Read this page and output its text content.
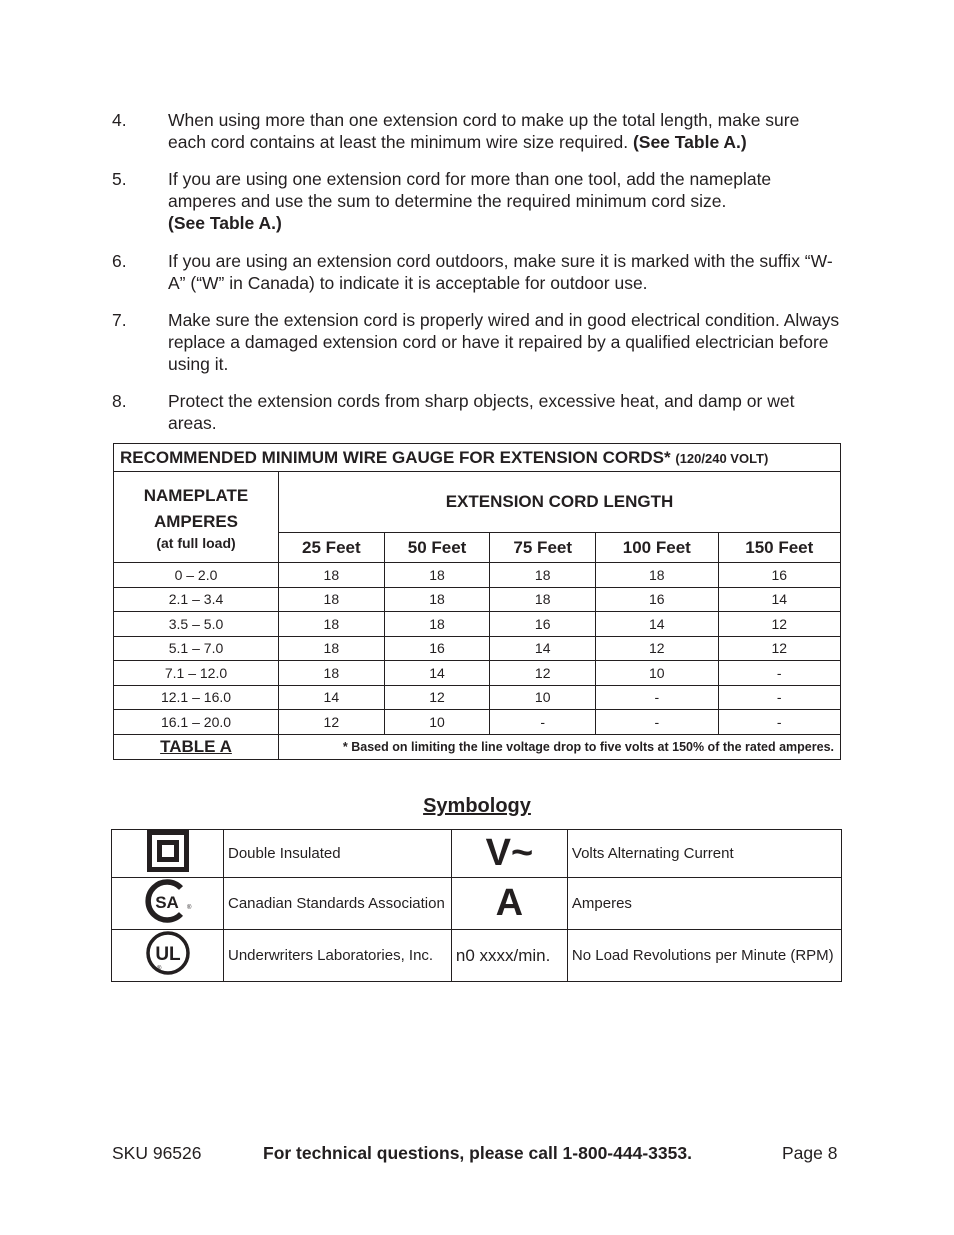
4. When using more than one extension cord to make up the total length, make sure each cord contains at least the minimum wire size required. (See Table A.)
5. If you are using one extension cord for more than one tool, add the nameplate amperes and use the sum to determine the required minimum cord size.
(See Table A.)
6. If you are using an extension cord outdoors, make sure it is marked with the suffix “W-A” (“W” in Canada) to indicate it is acceptable for outdoor use.
7. Make sure the extension cord is properly wired and in good electrical condition. Always replace a damaged extension cord or have it repaired by a qualified electrician before using it.
8. Protect the extension cords from sharp objects, excessive heat, and damp or wet areas.
RECOMMENDED MINIMUM WIRE GAUGE FOR EXTENSION CORDS* (120/240 VOLT)					
NAMEPLATE
AMPERES
(at full load)	EXTENSION CORD LENGTH				
	25 Feet	50 Feet	75 Feet	100 Feet	150 Feet
0 – 2.0	18	18	18	18	16
2.1 – 3.4	18	18	18	16	14
3.5 – 5.0	18	18	16	14	12
5.1 – 7.0	18	16	14	12	12
7.1 – 12.0	18	14	12	10	-
12.1 – 16.0	14	12	10	-	-
16.1 – 20.0	12	10	-	-	-
TABLE A	* Based on limiting the line voltage drop to five volts at 150% of the rated amperes.				
Symbology
	Double Insulated	V~	Volts Alternating Current

SA ®	Canadian Standards Association	A	Amperes

UL
®	Underwriters Laboratories, Inc.	n0 xxxx/min.	No Load Revolutions per Minute (RPM)
SKU 96526	For technical questions, please call 1-800-444-3353.	Page 8
